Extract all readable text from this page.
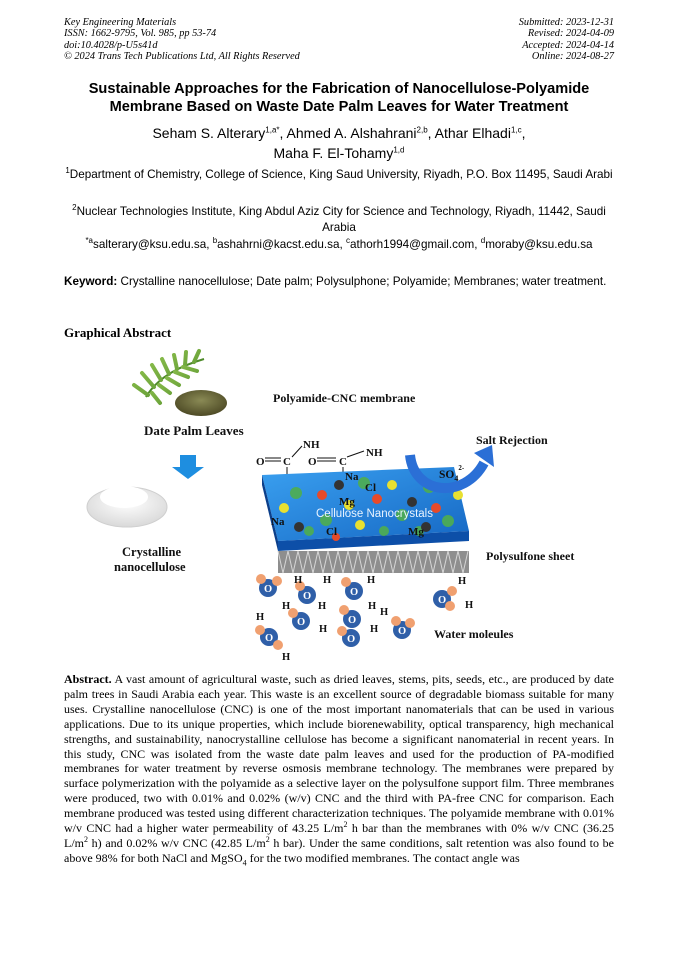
Key Engineering Materials
ISSN: 1662-9795, Vol. 985, pp 53-74
doi:10.4028/p-U5s41d
© 2024 Trans Tech Publications Ltd, All Rights Reserved
Submitted: 2023-12-31
Revised: 2024-04-09
Accepted: 2024-04-14
Online: 2024-08-27
Sustainable Approaches for the Fabrication of Nanocellulose-Polyamide
Membrane Based on Waste Date Palm Leaves for Water Treatment
Seham S. Alterary$^{1,a*}$, Ahmed A. Alshahrani$^{2,b}$, Athar Elhadi$^{1,c}$,
Maha F. El-Tohamy$^{1,d}$
$^1$Department of Chemistry, College of Science, King Saud University, Riyadh, P.O. Box 11495, Saudi Arabi
$^2$Nuclear Technologies Institute, King Abdul Aziz City for Science and Technology, Riyadh, 11442, Saudi Arabia
$^{*a}$salterary@ksu.edu.sa, $^b$ashahrni@kacst.edu.sa, $^c$athorh1994@gmail.com, $^d$moraby@ksu.edu.sa
Keyword: Crystalline nanocellulose; Date palm; Polysulphone; Polyamide; Membranes; water treatment.
Graphical Abstract
Date Palm Leaves
Crystalline
nanocellulose
Polyamide-CNC membrane
NH
NH
O	O
C	C
Cellulose Nanocrystals
Na
Na
Mg
Mg
Cl
Cl
$SO_4^{2-}$
Salt Rejection
Polysulfone sheet
O
O	O
O
O	O
O	O
O
H H	H	H
H
H	H	H
H
H
H	H
H
Water moleules
Abstract. A vast amount of agricultural waste, such as dried leaves, stems, pits, seeds, etc., are produced by date palm trees in Saudi Arabia each year. This waste is an excellent source of degradable biomass suitable for many uses. Crystalline nanocellulose (CNC) is one of the most important nanomaterials that can be used in various applications. Due to its unique properties, which include biorenewability, optical transparency, high mechanical strengths, and sustainability, nanocrystalline cellulose has become a significant nanomaterial in recent years. In this study, CNC was isolated from the waste date palm leaves and used for the production of PA-modified membranes for water treatment by reverse osmosis membrane technology. The membranes were prepared by surface polymerization with the polyamide as a selective layer on the polysulfone support film. Three membranes were produced, two with 0.01% and 0.02% (w/v) CNC and the third with PA-free CNC for comparison. Each membrane produced was tested using different characterization techniques. The polyamide membrane with 0.01% w/v CNC had a higher water permeability of 43.25 $L/m^2$ h bar than the membranes with 0% w/v CNC (36.25 $L/m^2$ h) and 0.02% w/v CNC (42.85 $L/m^2$ h bar). Under the same conditions, salt retention was also found to be above 98% for both NaCl and MgSO$_4$ for the two modified membranes. The contact angle was
